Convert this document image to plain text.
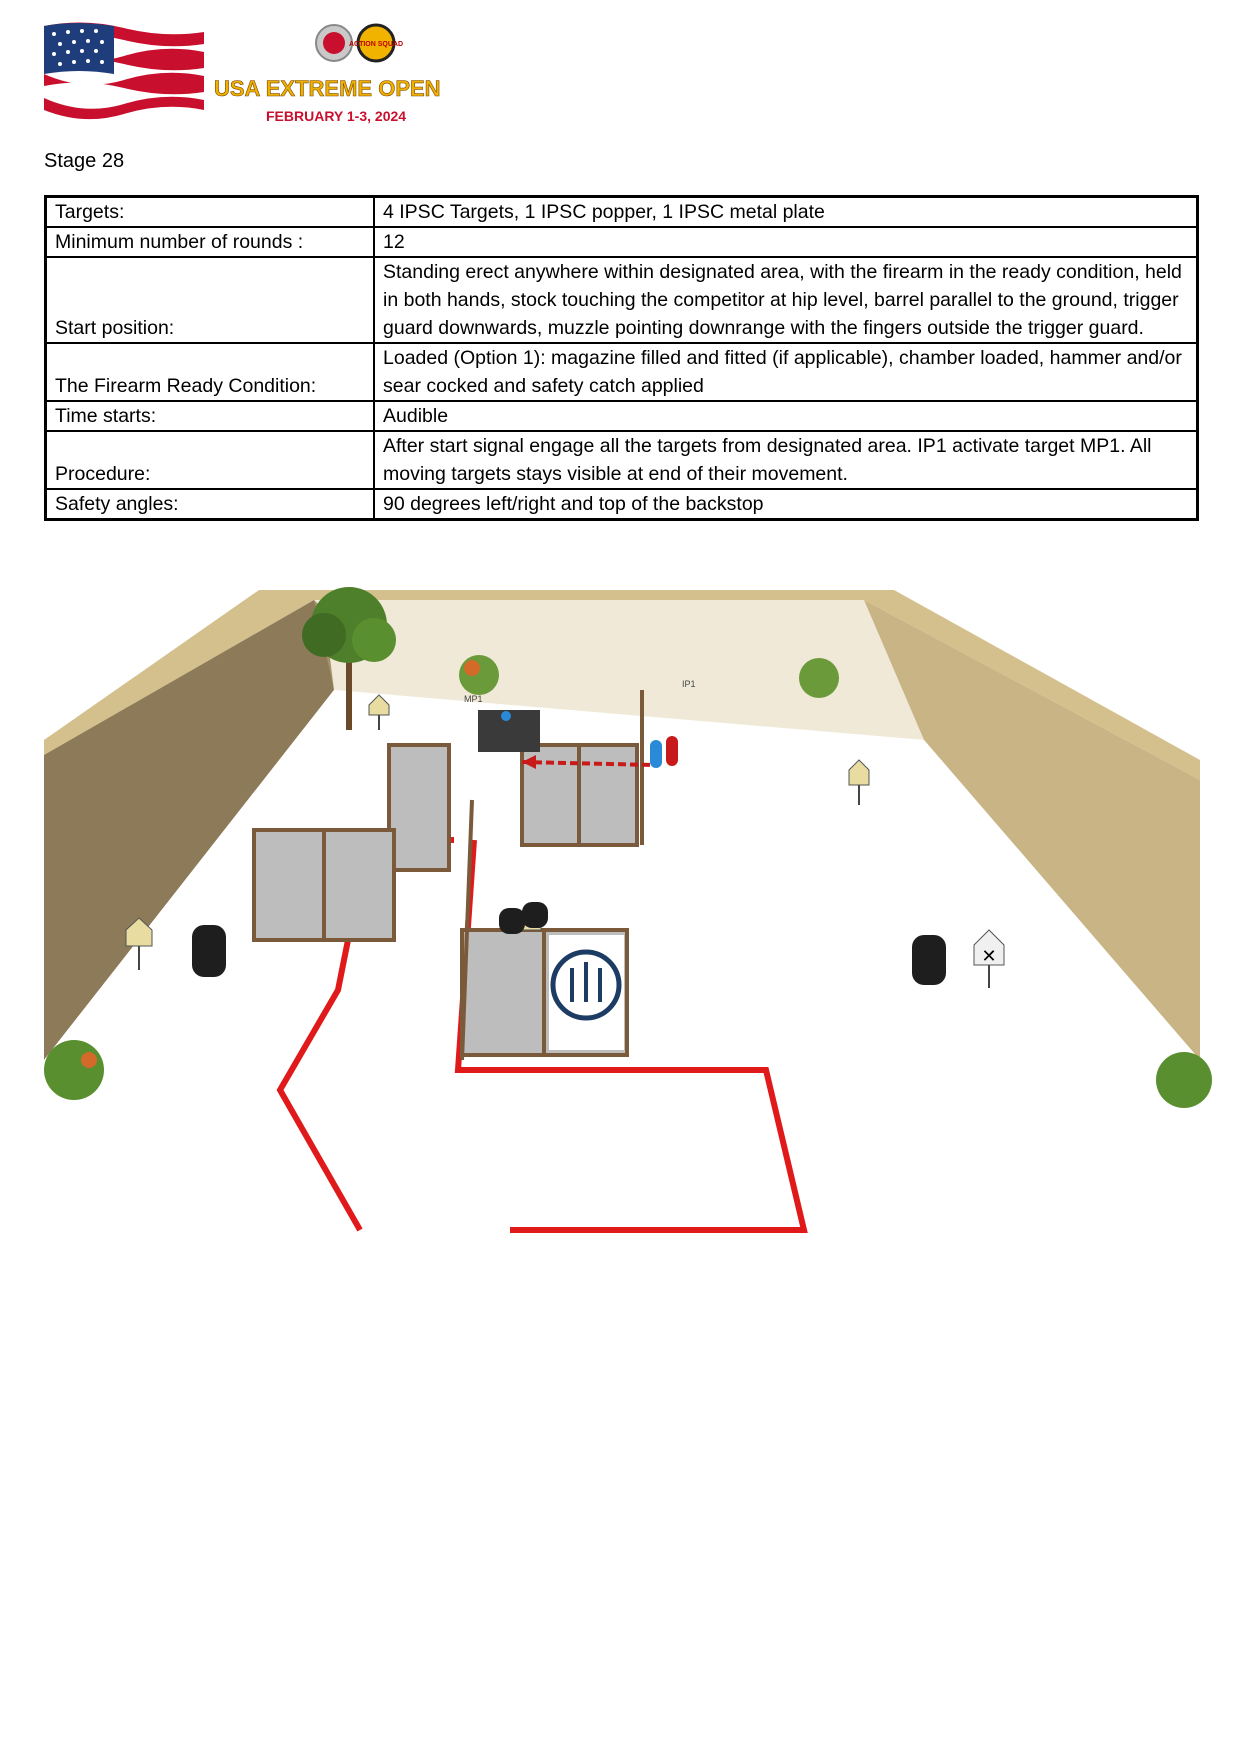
ACTION SQUAD
USA EXTREME OPEN
FEBRUARY 1-3, 2024
Stage 28
Targets:	4 IPSC Targets, 1 IPSC popper, 1 IPSC metal plate
Minimum number of rounds :	12
Start position:	Standing erect anywhere within designated area, with the firearm in the ready condition, held in both hands, stock touching the competitor at hip level, barrel parallel to the ground, trigger guard downwards, muzzle pointing downrange with the fingers outside the trigger guard.
The Firearm Ready Condition:	Loaded (Option 1): magazine filled and fitted (if applicable), chamber loaded, hammer and/or sear cocked and safety catch applied
Time starts:	Audible
Procedure:	After start signal engage all the targets from designated area. IP1 activate target MP1. All moving targets stays visible at end of their movement.
Safety angles:	90 degrees left/right and top of the backstop
MP1
IP1
✕
